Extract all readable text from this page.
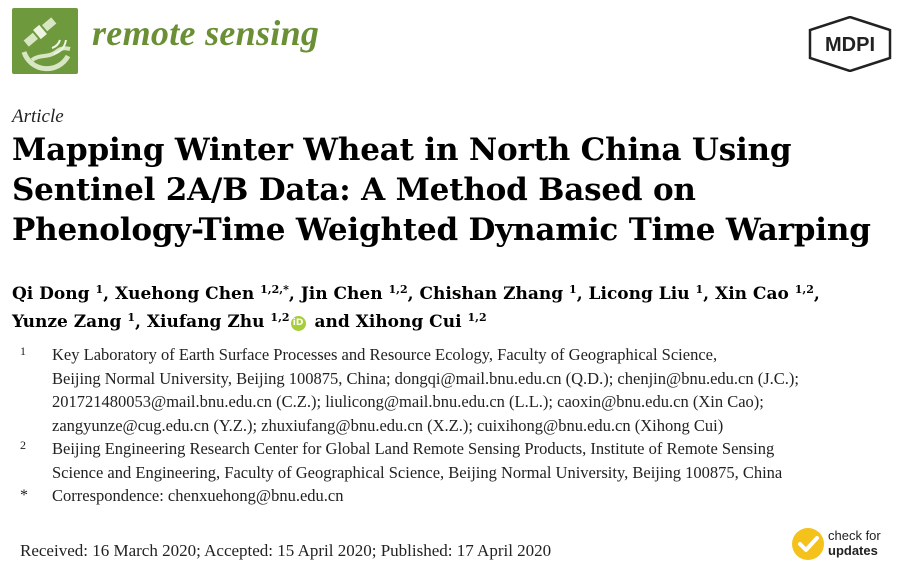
remote sensing	MDPI
Article
Mapping Winter Wheat in North China Using
Sentinel 2A/B Data: A Method Based on
Phenology-Time Weighted Dynamic Time Warping
Qi Dong $^1$, Xuehong Chen $^{1,2,*}$, Jin Chen $^{1,2}$, Chishan Zhang $^1$, Licong Liu $^1$, Xin Cao $^{1,2}$,
Yunze Zang $^1$, Xiufang Zhu $^{1,2}$ iD and Xihong Cui $^{1,2}$
1 Key Laboratory of Earth Surface Processes and Resource Ecology, Faculty of Geographical Science,
Beijing Normal University, Beijing 100875, China; dongqi@mail.bnu.edu.cn (Q.D.); chenjin@bnu.edu.cn (J.C.);
201721480053@mail.bnu.edu.cn (C.Z.); liulicong@mail.bnu.edu.cn (L.L.); caoxin@bnu.edu.cn (Xin Cao);
zangyunze@cug.edu.cn (Y.Z.); zhuxiufang@bnu.edu.cn (X.Z.); cuixihong@bnu.edu.cn (Xihong Cui)
2 Beijing Engineering Research Center for Global Land Remote Sensing Products, Institute of Remote Sensing
Science and Engineering, Faculty of Geographical Science, Beijing Normal University, Beijing 100875, China
* Correspondence: chenxuehong@bnu.edu.cn
Received: 16 March 2020; Accepted: 15 April 2020; Published: 17 April 2020
check for
updates
